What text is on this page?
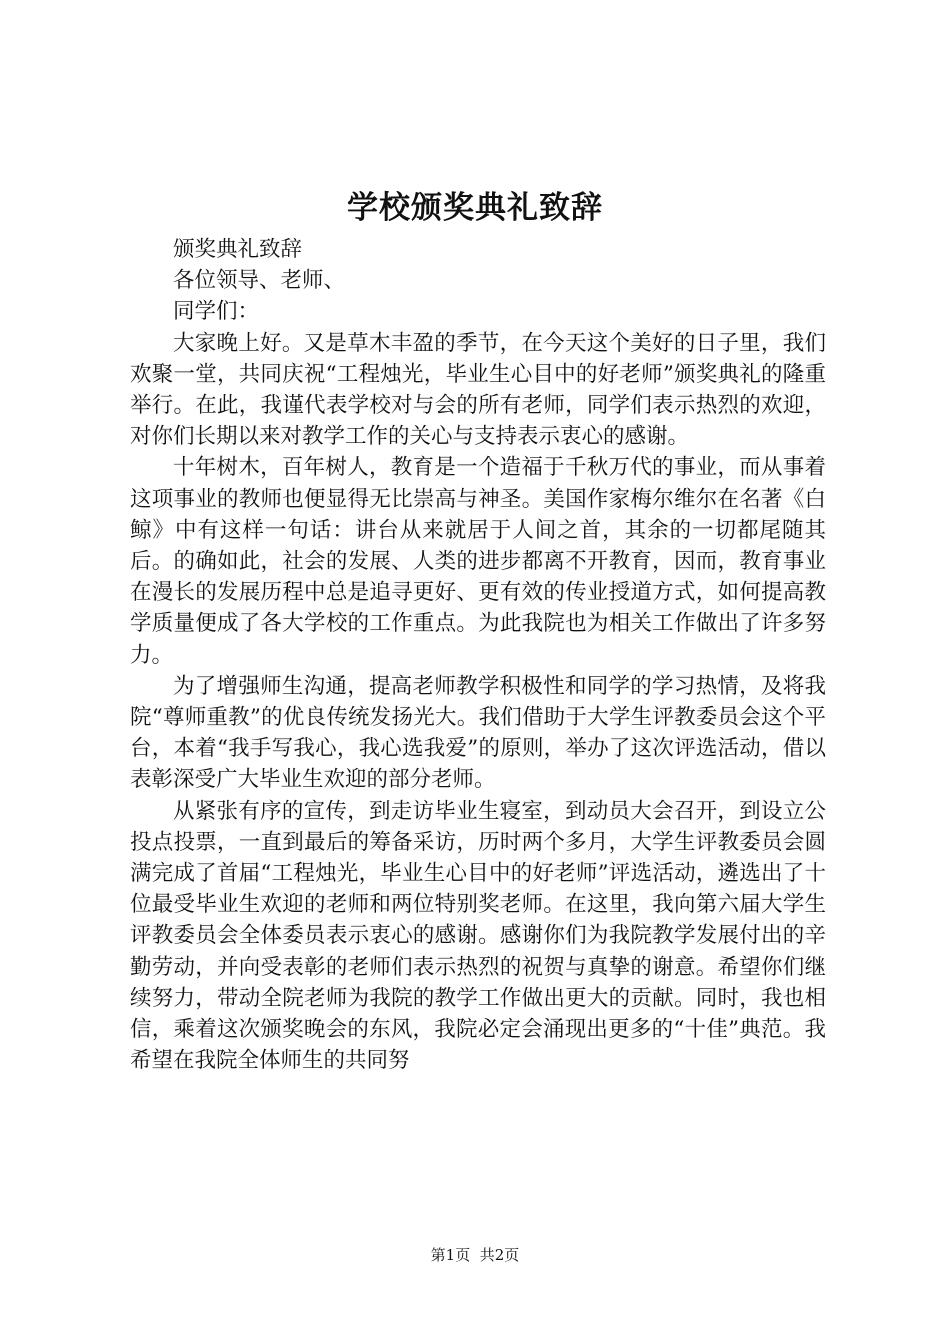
学校颁奖典礼致辞

颁奖典礼致辞

各位领导、老师、

同学们：

大家晚上好。又是草木丰盈的季节，在今天这个美好的日子里，我们欢聚一堂，共同庆祝“工程烛光，毕业生心目中的好老师”颁奖典礼的隆重举行。在此，我谨代表学校对与会的所有老师，同学们表示热烈的欢迎，对你们长期以来对教学工作的关心与支持表示衷心的感谢。

十年树木，百年树人，教育是一个造福于千秋万代的事业，而从事着这项事业的教师也便显得无比崇高与神圣。美国作家梅尔维尔在名著《白鲸》中有这样一句话：讲台从来就居于人间之首，其余的一切都尾随其后。的确如此，社会的发展、人类的进步都离不开教育，因而，教育事业在漫长的发展历程中总是追寻更好、更有效的传业授道方式，如何提高教学质量便成了各大学校的工作重点。为此我院也为相关工作做出了许多努力。

为了增强师生沟通，提高老师教学积极性和同学的学习热情，及将我院“尊师重教”的优良传统发扬光大。我们借助于大学生评教委员会这个平台，本着“我手写我心，我心选我爱”的原则，举办了这次评选活动，借以表彰深受广大毕业生欢迎的部分老师。

从紧张有序的宣传，到走访毕业生寝室，到动员大会召开，到设立公投点投票，一直到最后的筹备采访，历时两个多月，大学生评教委员会圆满完成了首届“工程烛光，毕业生心目中的好老师”评选活动，遴选出了十位最受毕业生欢迎的老师和两位特别奖老师。在这里，我向第六届大学生评教委员会全体委员表示衷心的感谢。感谢你们为我院教学发展付出的辛勤劳动，并向受表彰的老师们表示热烈的祝贺与真挚的谢意。希望你们继续努力，带动全院老师为我院的教学工作做出更大的贡献。同时，我也相信，乘着这次颁奖晚会的东风，我院必定会涌现出更多的“十佳”典范。我希望在我院全体师生的共同努

第1页 共2页
